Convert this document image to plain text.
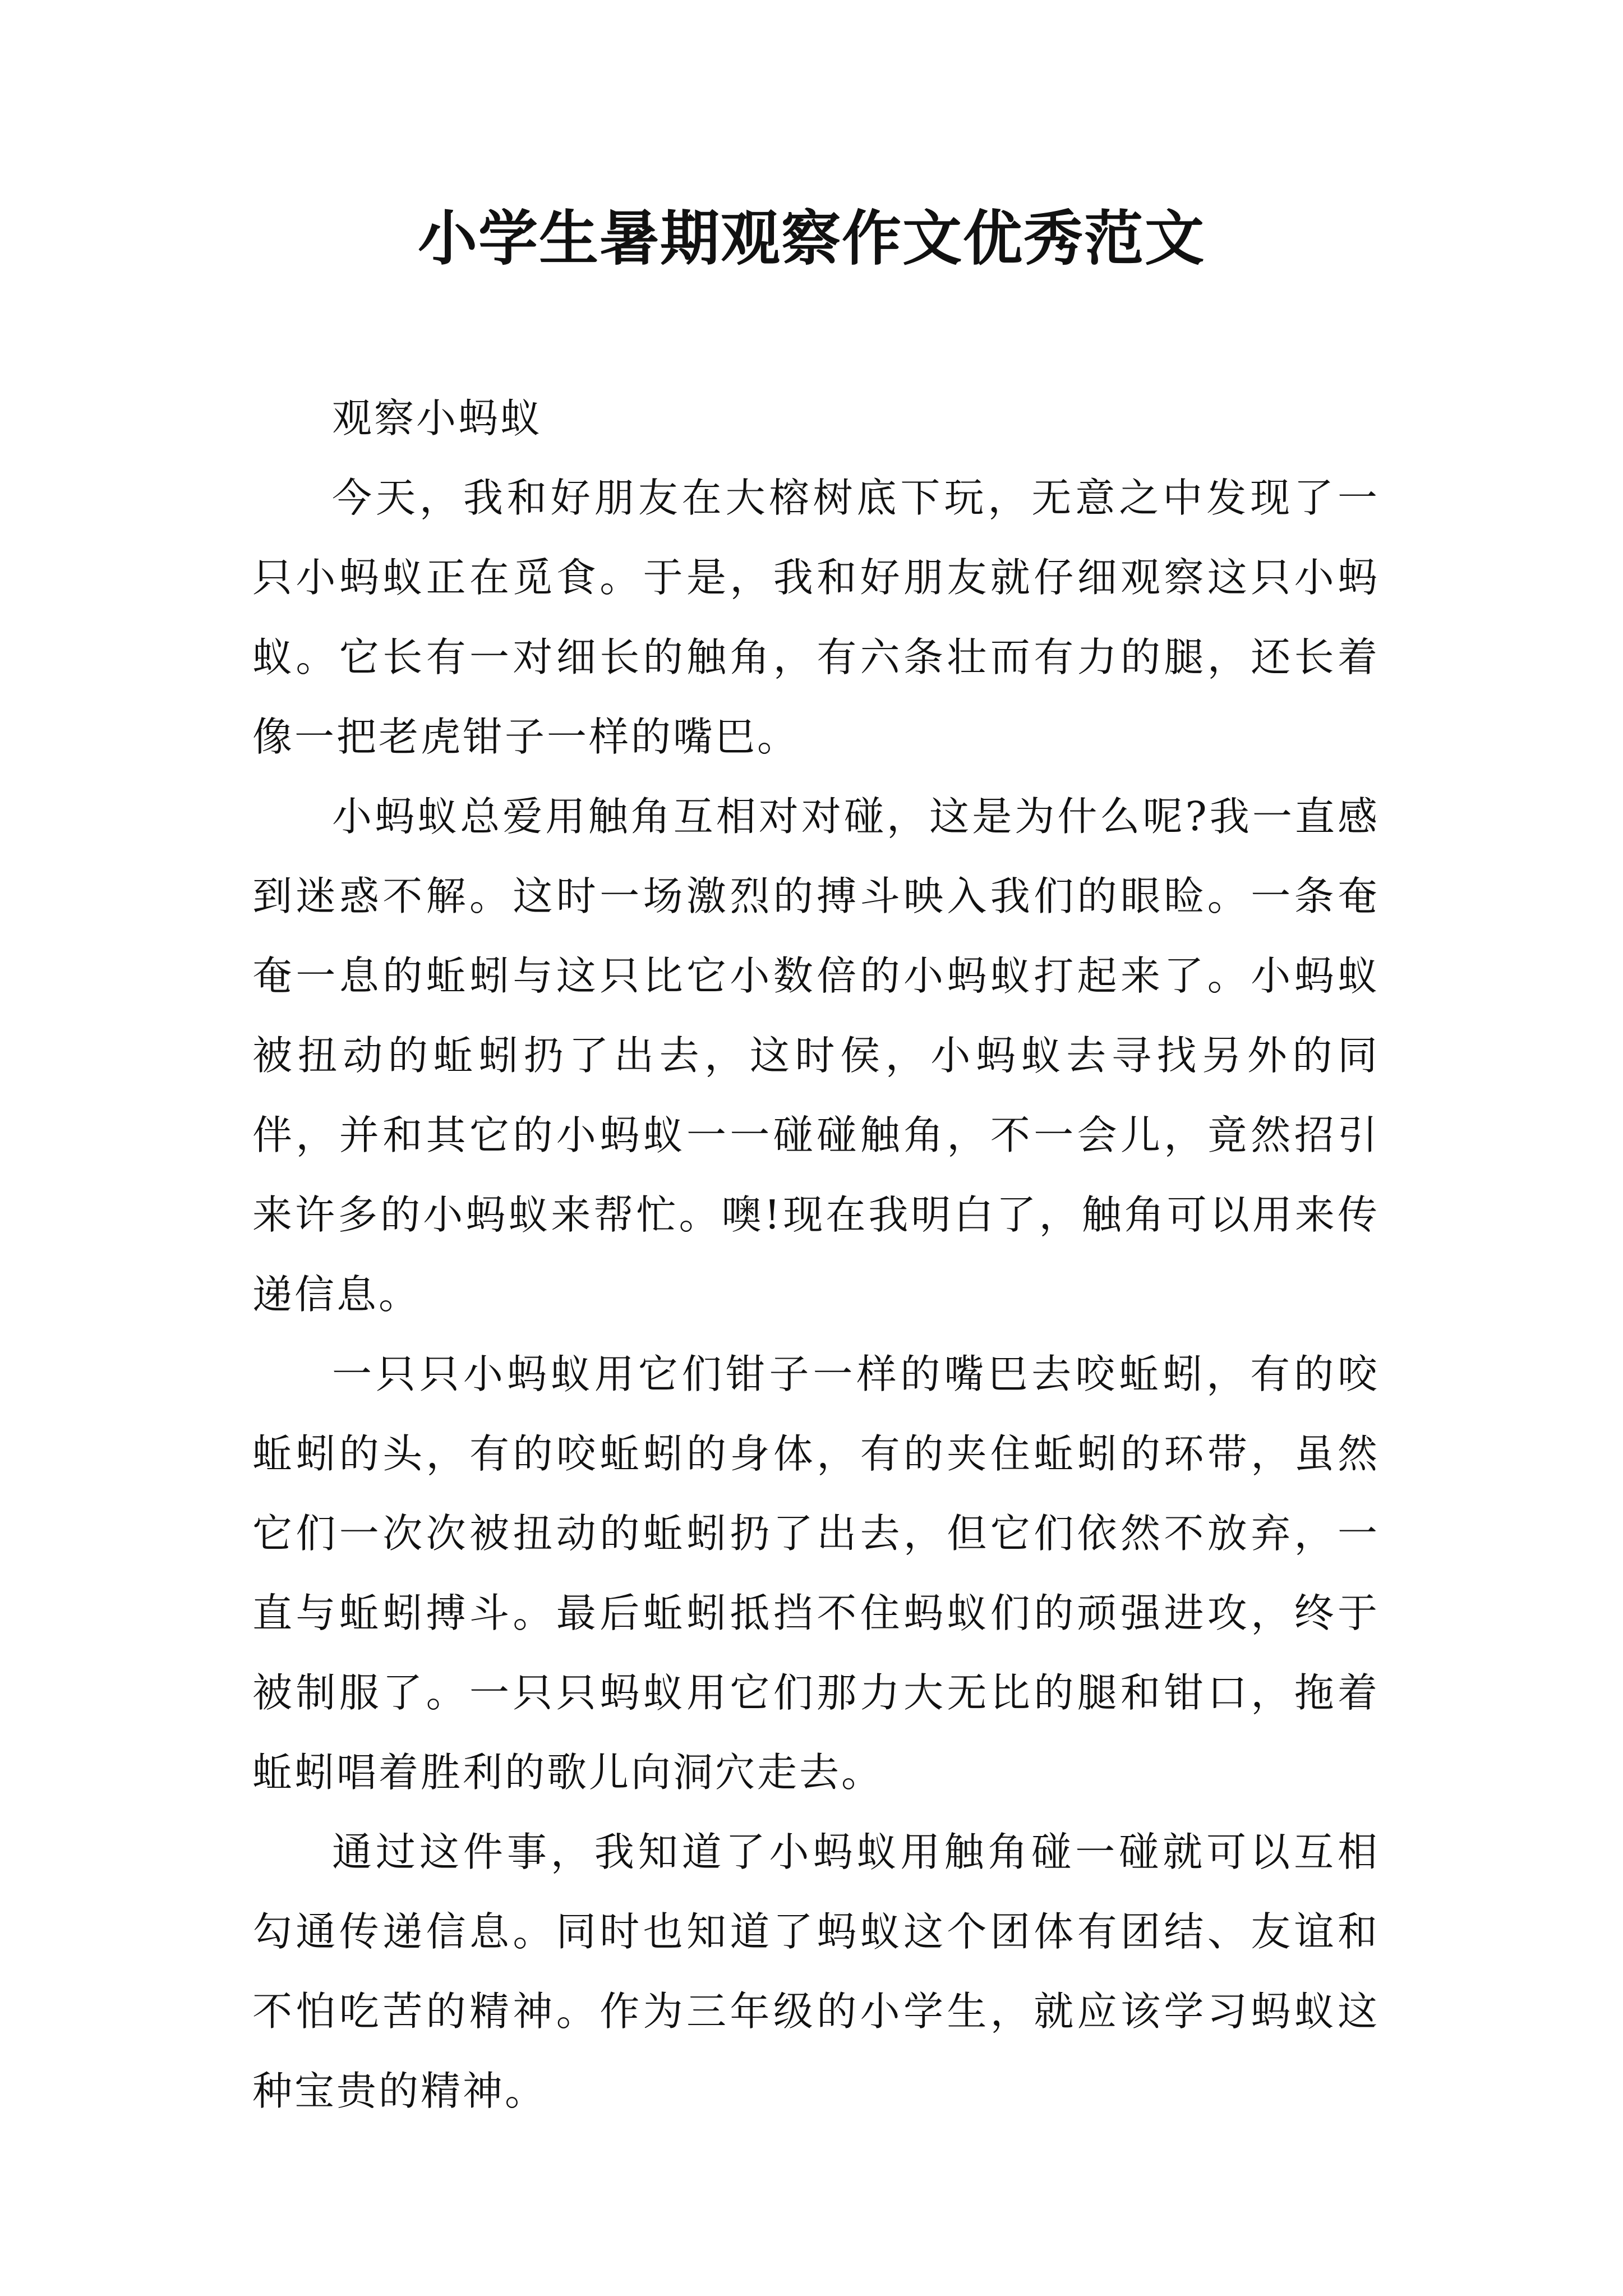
小学生暑期观察作文优秀范文

观察小蚂蚁

今天，我和好朋友在大榕树底下玩，无意之中发现了一只小蚂蚁正在觅食。于是，我和好朋友就仔细观察这只小蚂蚁。它长有一对细长的触角，有六条壮而有力的腿，还长着像一把老虎钳子一样的嘴巴。

小蚂蚁总爱用触角互相对对碰，这是为什么呢?我一直感到迷惑不解。这时一场激烈的搏斗映入我们的眼睑。一条奄奄一息的蚯蚓与这只比它小数倍的小蚂蚁打起来了。小蚂蚁被扭动的蚯蚓扔了出去，这时侯，小蚂蚁去寻找另外的同伴，并和其它的小蚂蚁一一碰碰触角，不一会儿，竟然招引来许多的小蚂蚁来帮忙。噢!现在我明白了，触角可以用来传递信息。

一只只小蚂蚁用它们钳子一样的嘴巴去咬蚯蚓，有的咬蚯蚓的头，有的咬蚯蚓的身体，有的夹住蚯蚓的环带，虽然它们一次次被扭动的蚯蚓扔了出去，但它们依然不放弃，一直与蚯蚓搏斗。最后蚯蚓抵挡不住蚂蚁们的顽强进攻，终于被制服了。一只只蚂蚁用它们那力大无比的腿和钳口，拖着蚯蚓唱着胜利的歌儿向洞穴走去。

通过这件事，我知道了小蚂蚁用触角碰一碰就可以互相勾通传递信息。同时也知道了蚂蚁这个团体有团结、友谊和不怕吃苦的精神。作为三年级的小学生，就应该学习蚂蚁这种宝贵的精神。
